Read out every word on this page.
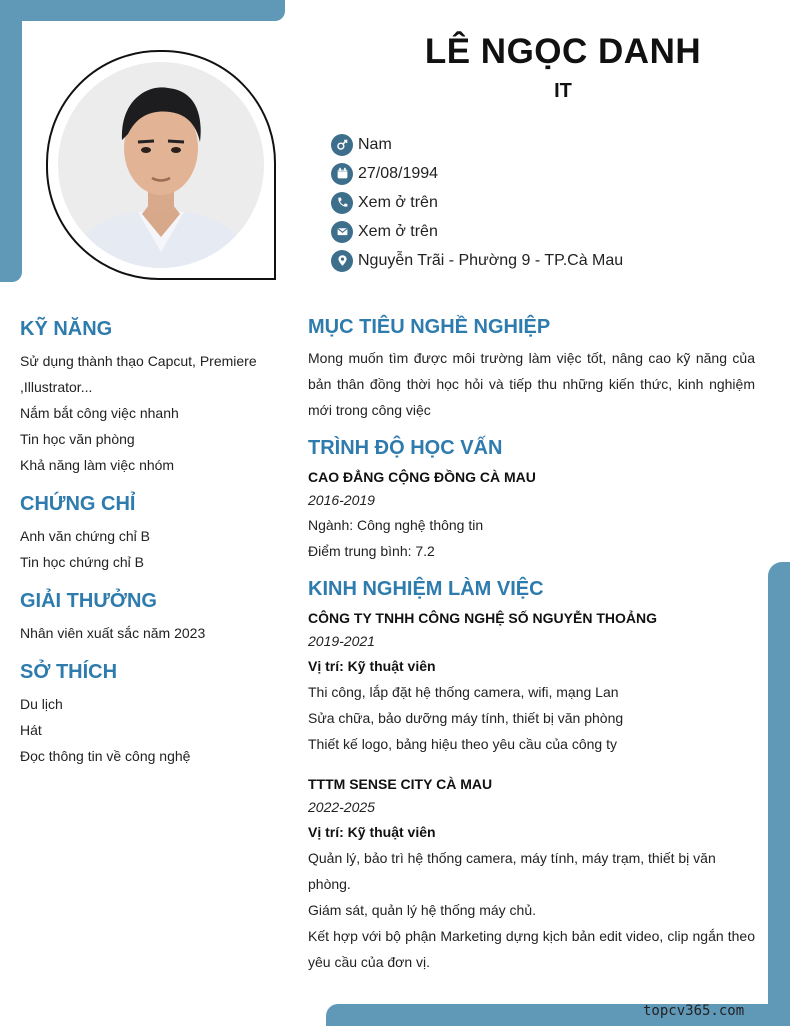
LÊ NGỌC DANH
IT
Nam
27/08/1994
Xem ở trên
Xem ở trên
Nguyễn Trãi - Phường 9 - TP.Cà Mau
KỸ NĂNG
Sử dụng thành thạo Capcut, Premiere
,Illustrator...
Nắm bắt công việc nhanh
Tin học văn phòng
Khả năng làm việc nhóm
CHỨNG CHỈ
Anh văn chứng chỉ B
Tin học chứng chỉ B
GIẢI THƯỞNG
Nhân viên xuất sắc năm 2023
SỞ THÍCH
Du lịch
Hát
Đọc thông tin về công nghệ
MỤC TIÊU NGHỀ NGHIỆP
Mong muốn tìm được môi trường làm việc tốt, nâng cao kỹ năng của bản thân đồng thời học hỏi và tiếp thu những kiến thức, kinh nghiệm mới trong công việc
TRÌNH ĐỘ HỌC VẤN
CAO ĐẲNG CỘNG ĐỒNG CÀ MAU
2016-2019
Ngành: Công nghệ thông tin
Điểm trung bình: 7.2
KINH NGHIỆM LÀM VIỆC
CÔNG TY TNHH CÔNG NGHỆ SỐ NGUYỄN THOẢNG
2019-2021
Vị trí: Kỹ thuật viên
Thi công, lắp đặt hệ thống camera, wifi, mạng Lan
Sửa chữa, bảo dưỡng máy tính, thiết bị văn phòng
Thiết kế logo, bảng hiệu theo yêu cầu của công ty
TTTM SENSE CITY CÀ MAU
2022-2025
Vị trí: Kỹ thuật viên
Quản lý, bảo trì hệ thống camera, máy tính, máy trạm, thiết bị văn phòng.
Giám sát, quản lý hệ thống máy chủ.
Kết hợp với bộ phận Marketing dựng kịch bản edit video, clip ngắn theo yêu cầu của đơn vị.
topcv365.com
